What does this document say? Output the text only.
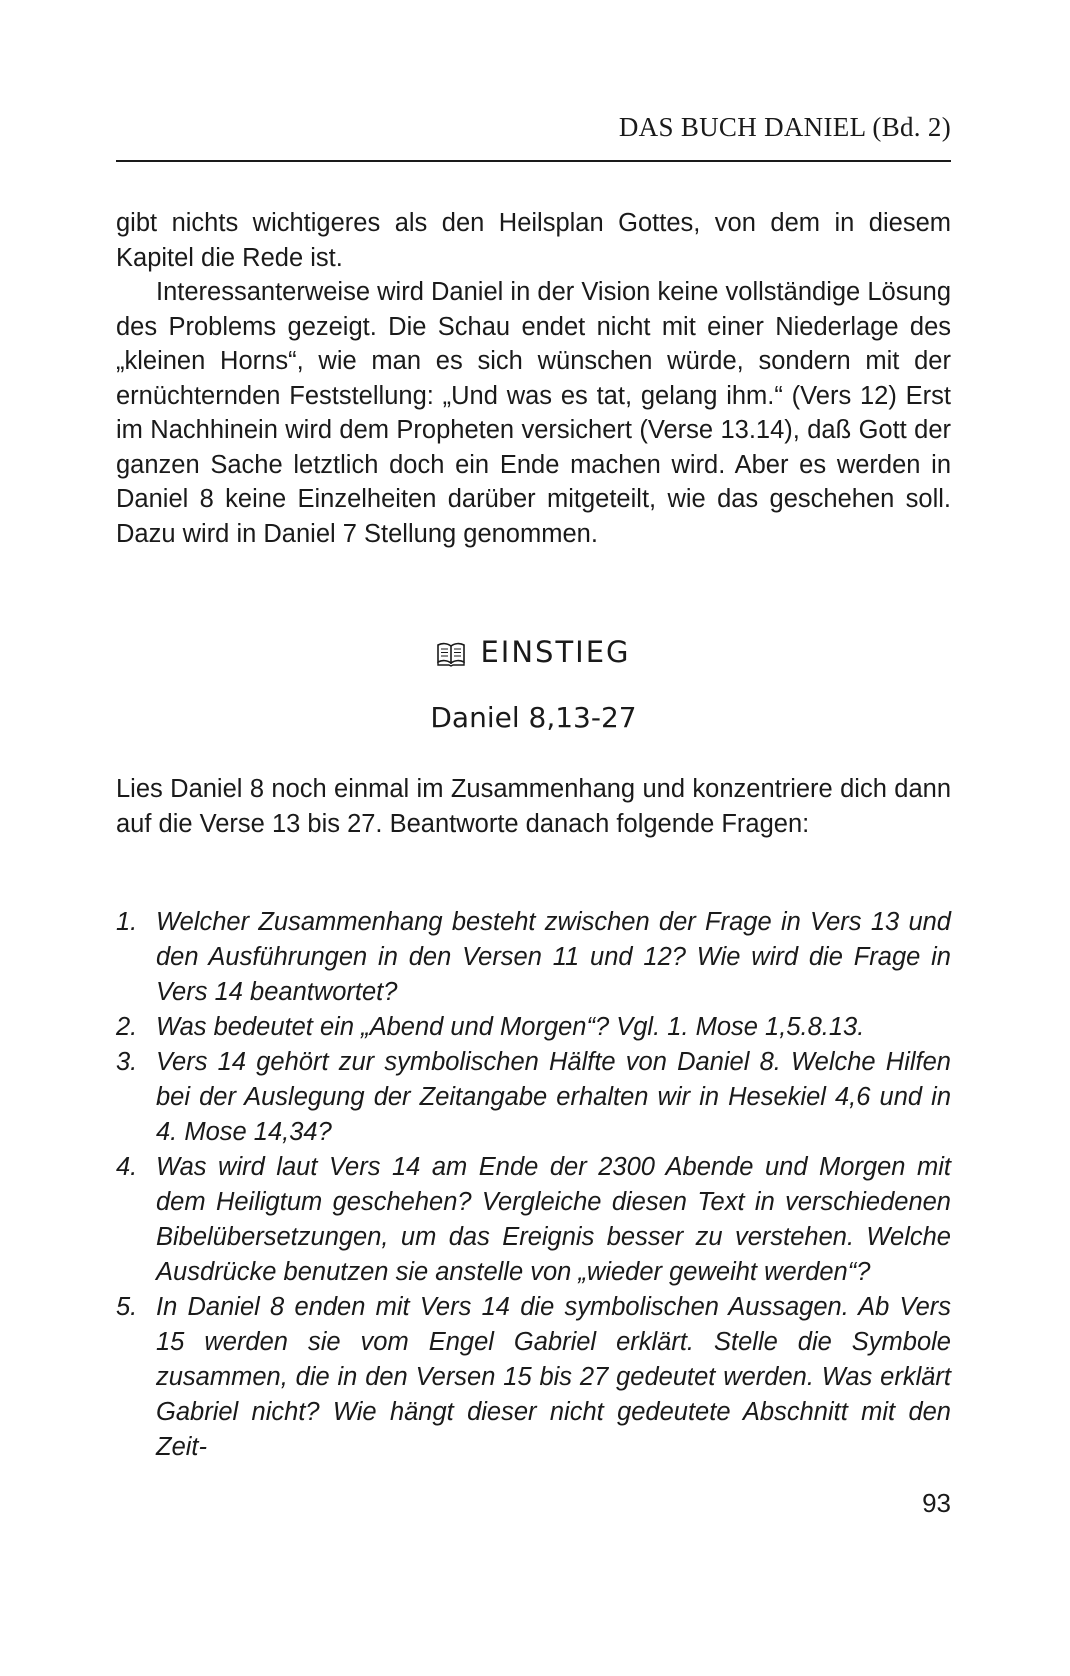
DAS BUCH DANIEL (Bd. 2)

gibt nichts wichtigeres als den Heilsplan Gottes, von dem in diesem Kapitel die Rede ist.

Interessanterweise wird Daniel in der Vision keine vollständige Lösung des Problems gezeigt. Die Schau endet nicht mit einer Niederlage des „kleinen Horns“, wie man es sich wünschen würde, sondern mit der ernüchternden Feststellung: „Und was es tat, gelang ihm.“ (Vers 12) Erst im Nachhinein wird dem Propheten versichert (Verse 13.14), daß Gott der ganzen Sache letztlich doch ein Ende machen wird. Aber es werden in Daniel 8 keine Einzelheiten darüber mitgeteilt, wie das geschehen soll. Dazu wird in Daniel 7 Stellung genommen.

EINSTIEG
Daniel 8,13-27

Lies Daniel 8 noch einmal im Zusammenhang und konzentriere dich dann auf die Verse 13 bis 27. Beantworte danach folgende Fragen:

1. Welcher Zusammenhang besteht zwischen der Frage in Vers 13 und den Ausführungen in den Versen 11 und 12? Wie wird die Frage in Vers 14 beantwortet?
2. Was bedeutet ein „Abend und Morgen“? Vgl. 1. Mose 1,5.8.13.
3. Vers 14 gehört zur symbolischen Hälfte von Daniel 8. Welche Hilfen bei der Auslegung der Zeitangabe erhalten wir in Hesekiel 4,6 und in 4. Mose 14,34?
4. Was wird laut Vers 14 am Ende der 2300 Abende und Morgen mit dem Heiligtum geschehen? Vergleiche diesen Text in verschiedenen Bibelübersetzungen, um das Ereignis besser zu verstehen. Welche Ausdrücke benutzen sie anstelle von „wieder geweiht werden“?
5. In Daniel 8 enden mit Vers 14 die symbolischen Aussagen. Ab Vers 15 werden sie vom Engel Gabriel erklärt. Stelle die Symbole zusammen, die in den Versen 15 bis 27 gedeutet werden. Was erklärt Gabriel nicht? Wie hängt dieser nicht gedeutete Abschnitt mit den Zeit-
93
